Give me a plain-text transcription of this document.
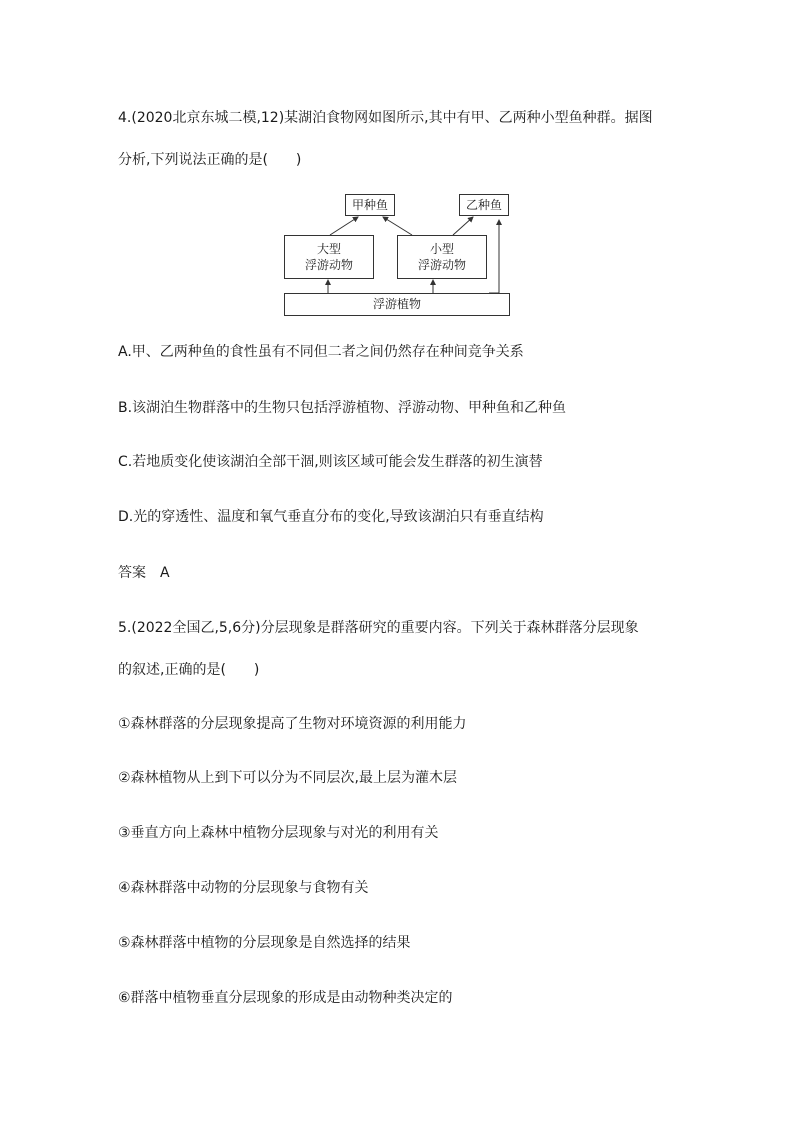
4.(2020北京东城二模,12)某湖泊食物网如图所示,其中有甲、乙两种小型鱼种群。据图
分析,下列说法正确的是(　　)
甲种鱼	乙种鱼
大型
浮游动物
小型
浮游动物
浮游植物
A.甲、乙两种鱼的食性虽有不同但二者之间仍然存在种间竞争关系
B.该湖泊生物群落中的生物只包括浮游植物、浮游动物、甲种鱼和乙种鱼
C.若地质变化使该湖泊全部干涸,则该区域可能会发生群落的初生演替
D.光的穿透性、温度和氧气垂直分布的变化,导致该湖泊只有垂直结构
答案　A
5.(2022全国乙,5,6分)分层现象是群落研究的重要内容。下列关于森林群落分层现象
的叙述,正确的是(　　)
①森林群落的分层现象提高了生物对环境资源的利用能力
②森林植物从上到下可以分为不同层次,最上层为灌木层
③垂直方向上森林中植物分层现象与对光的利用有关
④森林群落中动物的分层现象与食物有关
⑤森林群落中植物的分层现象是自然选择的结果
⑥群落中植物垂直分层现象的形成是由动物种类决定的
